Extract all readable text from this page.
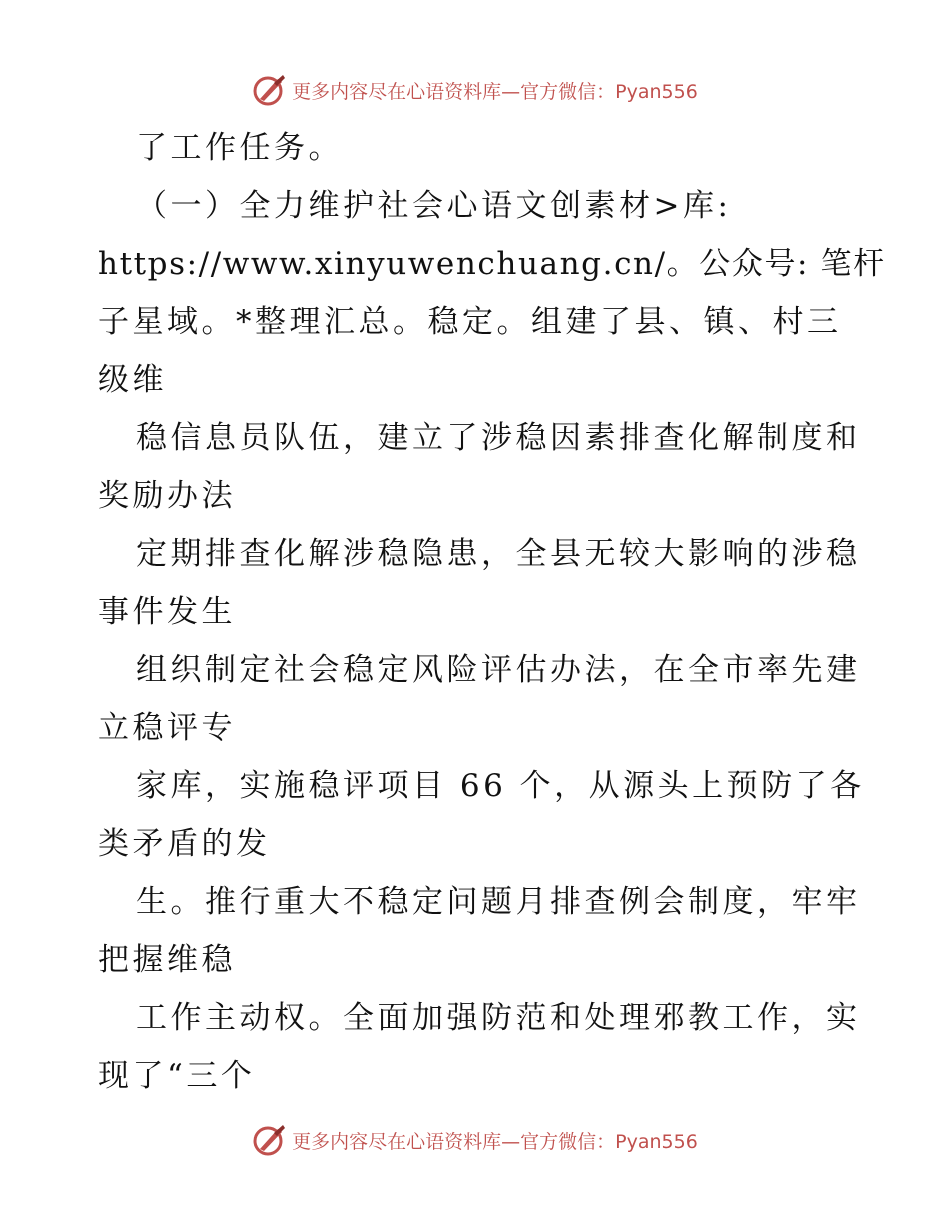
更多内容尽在心语资料库—官方微信：Pyan556
了工作任务。
（一）全力维护社会心语文创素材>库:
https://www.xinyuwenchuang.cn/。公众号: 笔杆
子星域。*整理汇总。稳定。组建了县、镇、村三
级维
稳信息员队伍，建立了涉稳因素排查化解制度和
奖励办法
定期排查化解涉稳隐患，全县无较大影响的涉稳
事件发生
组织制定社会稳定风险评估办法，在全市率先建
立稳评专
家库，实施稳评项目 66 个，从源头上预防了各
类矛盾的发
生。推行重大不稳定问题月排查例会制度，牢牢
把握维稳
工作主动权。全面加强防范和处理邪教工作，实
现了“三个
更多内容尽在心语资料库—官方微信：Pyan556
